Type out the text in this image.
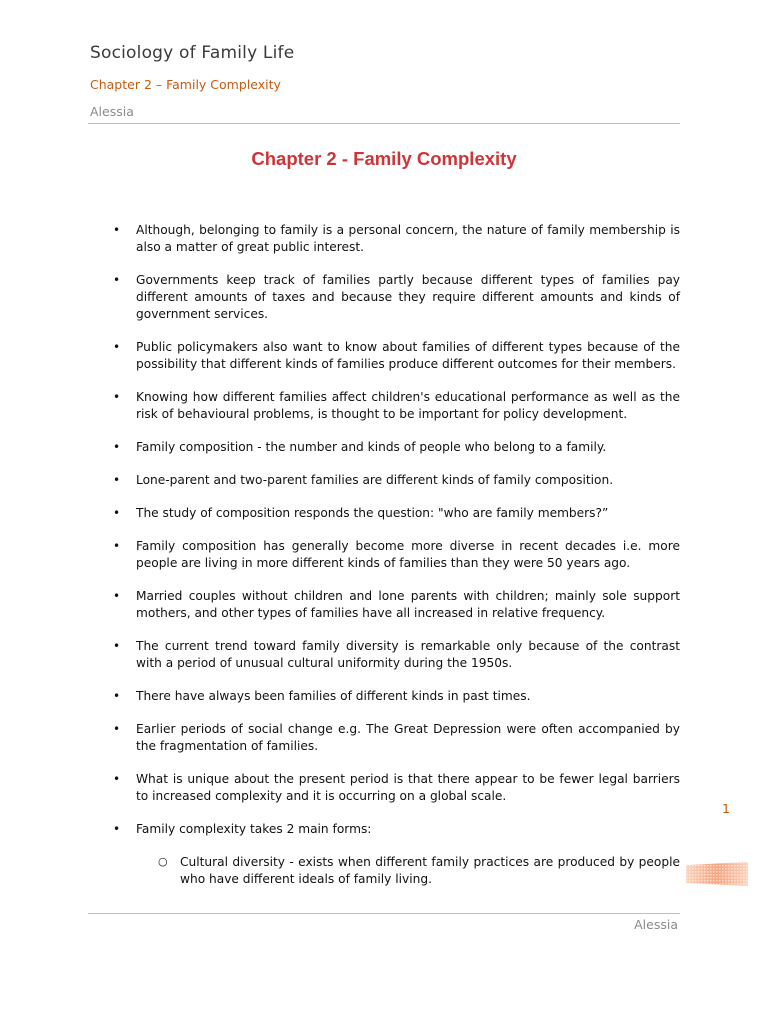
Sociology of Family Life
Chapter 2 – Family Complexity
Alessia
Chapter 2 - Family Complexity
• Although, belonging to family is a personal concern, the nature of family membership is also a matter of great public interest.
• Governments keep track of families partly because different types of families pay different amounts of taxes and because they require different amounts and kinds of government services.
• Public policymakers also want to know about families of different types because of the possibility that different kinds of families produce different outcomes for their members.
• Knowing how different families affect children's educational performance as well as the risk of behavioural problems, is thought to be important for policy development.
• Family composition - the number and kinds of people who belong to a family.
• Lone-parent and two-parent families are different kinds of family composition.
• The study of composition responds the question: "who are family members?”
• Family composition has generally become more diverse in recent decades i.e. more people are living in more different kinds of families than they were 50 years ago.
• Married couples without children and lone parents with children; mainly sole support mothers, and other types of families have all increased in relative frequency.
• The current trend toward family diversity is remarkable only because of the contrast with a period of unusual cultural uniformity during the 1950s.
• There have always been families of different kinds in past times.
• Earlier periods of social change e.g. The Great Depression were often accompanied by the fragmentation of families.
• What is unique about the present period is that there appear to be fewer legal barriers to increased complexity and it is occurring on a global scale.
• Family complexity takes 2 main forms:
○ Cultural diversity - exists when different family practices are produced by people who have different ideals of family living.
1
Alessia
